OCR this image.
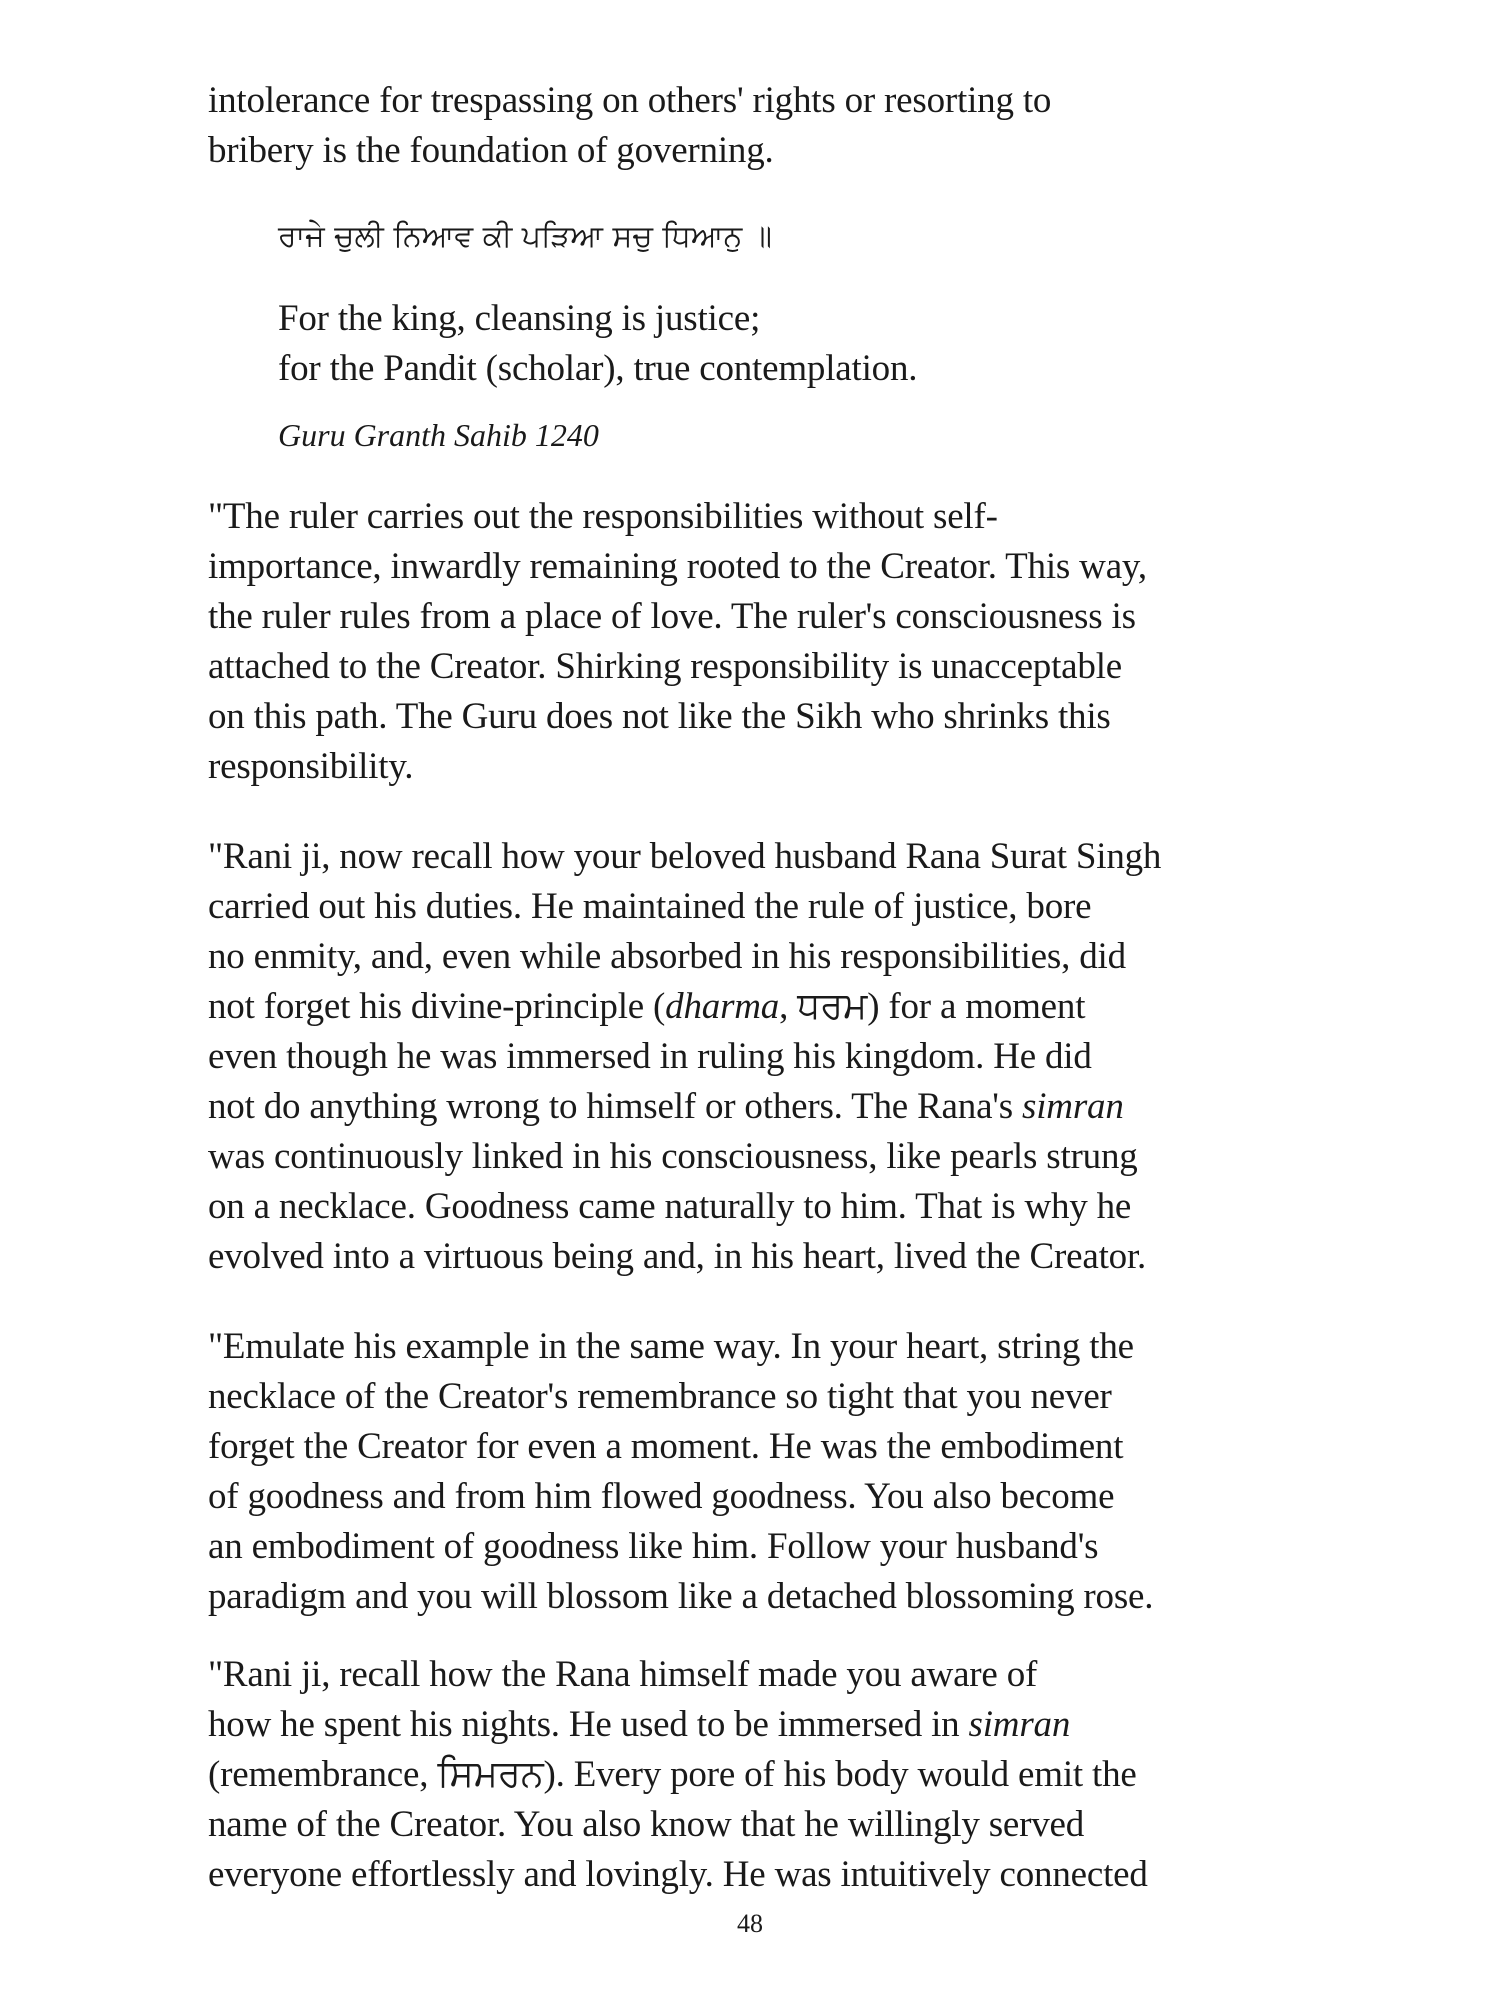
intolerance for trespassing on others' rights or resorting to
bribery is the foundation of governing.
ਰਾਜੇ ਚੁਲੀ ਨਿਆਵ ਕੀ ਪੜਿਆ ਸਚੁ ਧਿਆਨੁ ॥
For the king, cleansing is justice;
for the Pandit (scholar), true contemplation.
Guru Granth Sahib 1240
"The ruler carries out the responsibilities without self-
importance, inwardly remaining rooted to the Creator. This way,
the ruler rules from a place of love. The ruler's consciousness is
attached to the Creator. Shirking responsibility is unacceptable
on this path. The Guru does not like the Sikh who shrinks this
responsibility.
"Rani ji, now recall how your beloved husband Rana Surat Singh
carried out his duties. He maintained the rule of justice, bore
no enmity, and, even while absorbed in his responsibilities, did
not forget his divine-principle (dharma, ਧਰਮ) for a moment
even though he was immersed in ruling his kingdom. He did
not do anything wrong to himself or others. The Rana's simran
was continuously linked in his consciousness, like pearls strung
on a necklace. Goodness came naturally to him. That is why he
evolved into a virtuous being and, in his heart, lived the Creator.
"Emulate his example in the same way. In your heart, string the
necklace of the Creator's remembrance so tight that you never
forget the Creator for even a moment. He was the embodiment
of goodness and from him flowed goodness. You also become
an embodiment of goodness like him. Follow your husband's
paradigm and you will blossom like a detached blossoming rose.
"Rani ji, recall how the Rana himself made you aware of
how he spent his nights. He used to be immersed in simran
(remembrance, ਸਿਮਰਨ). Every pore of his body would emit the
name of the Creator. You also know that he willingly served
everyone effortlessly and lovingly. He was intuitively connected
48
